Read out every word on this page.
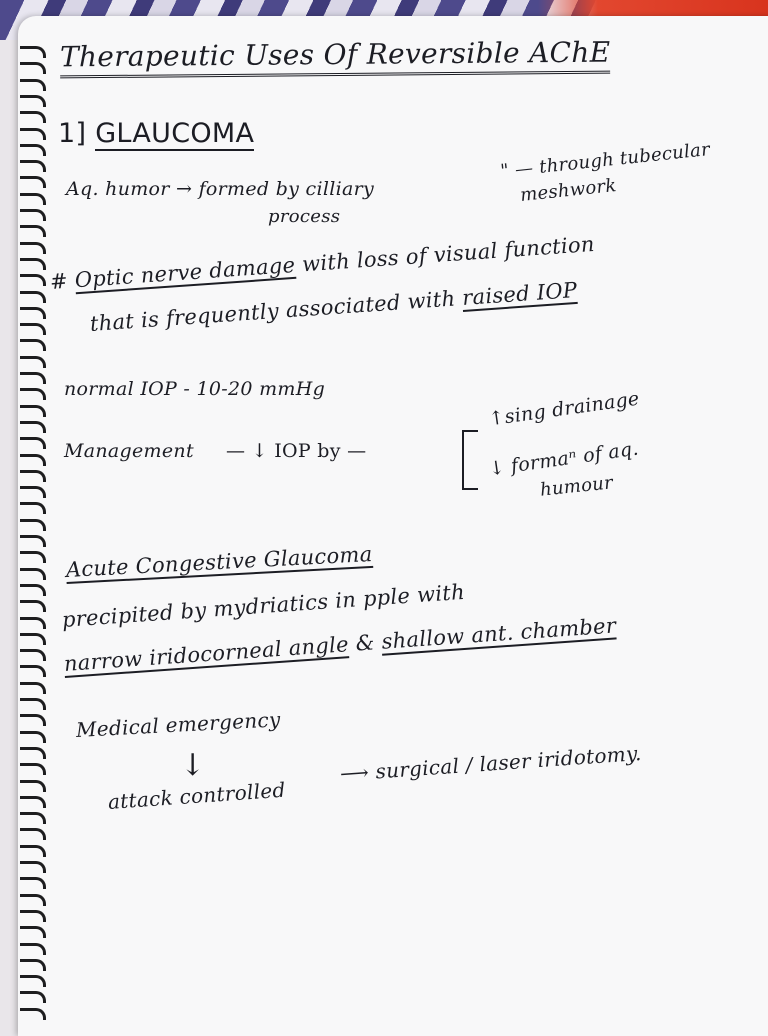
Therapeutic Uses Of Reversible AChE
1] GLAUCOMA
Aq. humor → formed by cilliary
process
" — through tubecular
meshwork
# Optic nerve damage with loss of visual function
that is frequently associated with raised IOP
normal IOP - 10-20 mmHg
Management — ↓ IOP by —
↑sing drainage
↓ formaⁿ of aq.
humour
Acute Congestive Glaucoma
precipited by mydriatics in pple with
narrow iridocorneal angle & shallow ant. chamber
Medical emergency
↓
attack controlled
⟶ surgical / laser iridotomy.
